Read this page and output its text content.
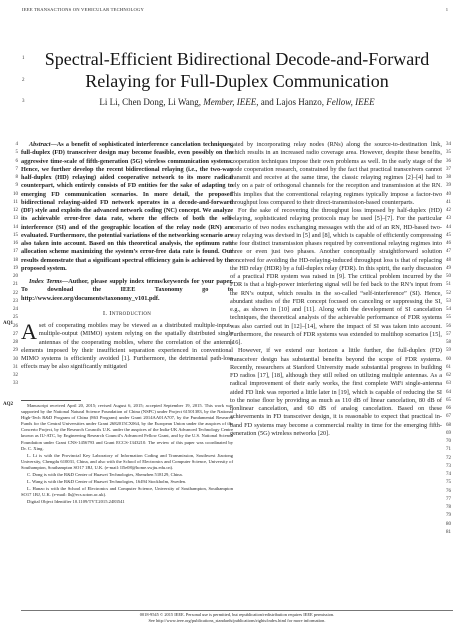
IEEE TRANSACTIONS ON VEHICULAR TECHNOLOGY	1
1
2
3
Spectral-Efficient Bidirectional Decode-and-Forward
Relaying for Full-Duplex Communication
Li Li, Chen Dong, Li Wang, Member, IEEE, and Lajos Hanzo, Fellow, IEEE

Abstract—As a benefit of sophisticated interference cancelation techniques, full-duplex (FD) transceiver design may become feasible, even possibly on the aggressive time-scale of fifth-generation (5G) wireless communication systems. Hence, we further develop the recent bidirectional relaying (i.e., the two-way half-duplex (HD) relaying) aided cooperative network to its more radical counterpart, which entirely consists of FD entities for the sake of adapting to emerging FD communication scenarios. In more detail, the proposed bidirectional relaying-aided FD network operates in a decode-and-forward (DF) style and exploits the advanced network coding (NC) concept. We analyze its achievable error-free data rate, where the effects of both the self-interference (SI) and of the geographic location of the relay node (RN) are evaluated. Furthermore, the potential variations of the networking scenario are also taken into account. Based on this theoretical analysis, the optimum rate allocation scheme maximizing the system’s error-free data rate is found. Our results demonstrate that a significant spectral efficiency gain is achieved by the proposed system.

Index Terms—Author, please supply index terms/keywords for your paper. To download the IEEE Taxonomy go to http://www.ieee.org/documents/taxonomy_v101.pdf.

I. Introduction

Aset of cooperating mobiles may be viewed as a distributed multiple-input–multiple-output (MIMO) system relying on the spatially distributed single antennas of the cooperating mobiles, where the correlation of the antenna elements imposed by their insufficient separation experienced in conventional MIMO systems is efficiently avoided [1]. Furthermore, the detrimental path-loss effects may be also significantly mitigated

AQ1
AQ2
4
5
6
7
8
9
10
11
12
13
14
15
16
17
18
19
20
21
22
23
24
25
26
27
28
29
30
31
32
33

Manuscript received April 20, 2015; revised August 6, 2015; accepted September 19, 2015. This work was supported by the National Natural Science Foundation of China (NSFC) under Project 61501383, by the National High-Tech R&D Program of China (863 Program) under Grant 2014AA01A707, by the Fundamental Research Funds for the Central Universities under Grant 2682015CX064, by the European Union under the auspices of the Concerto Project, by the Research Councils U.K. under the auspices of the India-UK Advanced Technology Centre known as IU-ATC, by Engineering Research Council’s Advanced Fellow Grant, and by the U.S. National Science Foundation under Grant CNS-1456793 and Grant ECCS-1343210. The review of this paper was coordinated by Dr. C. Xing.

L. Li is with the Provincial Key Laboratory of Information Coding and Transmission, Southwest Jiaotong University, Chengdu 610031, China, and also with the School of Electronics and Computer Science, University of Southampton, Southampton SO17 1BJ, U.K. (e-mail: ll5e08@home.swjtu.edu.cn).

C. Dong is with the R&D Center of Huawei Technologies, Shenzhen 518129, China.

L. Wang is with the R&D Center of Huawei Technologies, 16494 Stockholm, Sweden.

L. Hanzo is with the School of Electronics and Computer Science, University of Southampton, Southampton SO17 1BJ, U.K. (e-mail: lh@ecs.soton.ac.uk).

Digital Object Identifier 10.1109/TVT.2015.2483541

gated by incorporating relay nodes (RNs) along the source-to-destination link, which results in an increased radio coverage area. However, despite these benefits, cooperation techniques impose their own problems as well. In the early stage of the node cooperation research, constrained by the fact that practical transceivers cannot transmit and receive at the same time, the classic relaying regimes [2]–[4] had to rely on a pair of orthogonal channels for the reception and transmission at the RN. This implies that the conventional relaying regimes typically impose a factor-two throughput loss compared to their direct-transmission-based counterparts.

For the sake of recovering the throughput loss imposed by half-duplex (HD) relaying, sophisticated relaying protocols may be used [5]–[7]. For the particular scenario of two nodes exchanging messages with the aid of an RN, HD-based two-way relaying was devised in [5] and [8], which is capable of efficiently compressing the four distinct transmission phases required by conventional relaying regimes into three or even just two phases. Another conceptually straightforward solution conceived for avoiding the HD-relaying-induced throughput loss is that of replacing the HD relay (HDR) by a full-duplex relay (FDR). In this spirit, the early discussion of a practical FDR system was raised in [9]. The critical problem incurred by the FDR is that a high-power interfering signal will be fed back to the RN’s input from the RN’s output, which results in the so-called “self-interference” (SI). Hence, abundant studies of the FDR concept focused on canceling or suppressing the SI, e.g., as shown in [10] and [11]. Along with the development of SI cancelation techniques, the theoretical analysis of the achievable performance of FDR systems was also carried out in [12]–[14], where the impact of SI was taken into account. Furthermore, the research of FDR systems was extended to multihop scenarios [15], [16].

However, if we extend our horizon a little further, the full-duplex (FD) transceiver design has substantial benefits beyond the scope of FDR systems. Recently, researchers at Stanford University made substantial progress in building FD radios [17], [18], although they still relied on utilizing multiple antennas. As a radical improvement of their early works, the first complete WiFi single-antenna aided FD link was reported a little later in [19], which is capable of reducing the SI to the noise floor by providing as much as 110 dB of linear cancelation, 80 dB of nonlinear cancelation, and 60 dB of analog cancelation. Based on these achievements in FD transceiver design, it is reasonable to expect that practical in-band FD systems may become a commercial reality in time for the emerging fifth-generation (5G) wireless networks [20].

34
35
36
37
38
39
40
41
42
43
44
45
46
47
48
49
50
51
52
53
54
55
56
57
58
59
60
61
62
63
64
65
66
67
68
69
70
71
72
73
74
75
76
77
78
79
80
81
0018-9545 © 2015 IEEE. Personal use is permitted, but republication/redistribution requires IEEE permission.
See http://www.ieee.org/publications_standards/publications/rights/index.html for more information.
